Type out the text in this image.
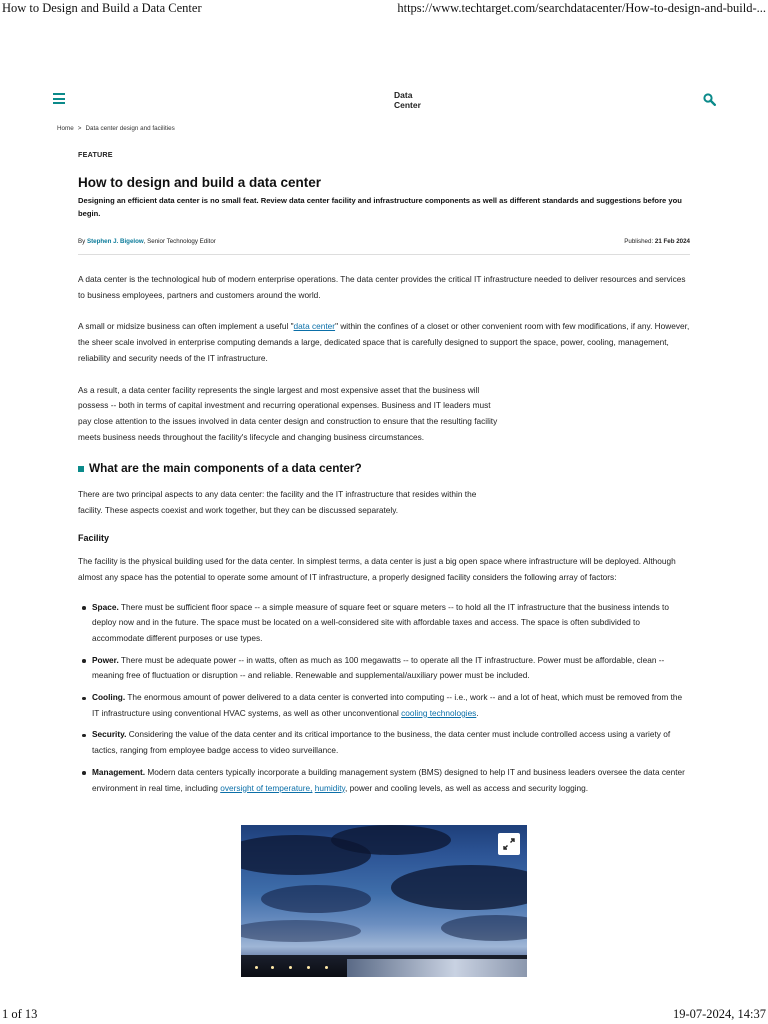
How to Design and Build a Data Center	https://www.techtarget.com/searchdatacenter/How-to-design-and-build-...
Data
Center
Home > Data center design and facilities
FEATURE
How to design and build a data center
Designing an efficient data center is no small feat. Review data center facility and infrastructure components as well as different standards and suggestions before you begin.
By Stephen J. Bigelow, Senior Technology Editor	Published: 21 Feb 2024

A data center is the technological hub of modern enterprise operations. The data center provides the critical IT infrastructure needed to deliver resources and services to business employees, partners and customers around the world.

A small or midsize business can often implement a useful "data center" within the confines of a closet or other convenient room with few modifications, if any. However, the sheer scale involved in enterprise computing demands a large, dedicated space that is carefully designed to support the space, power, cooling, management, reliability and security needs of the IT infrastructure.

As a result, a data center facility represents the single largest and most expensive asset that the business will possess -- both in terms of capital investment and recurring operational expenses. Business and IT leaders must pay close attention to the issues involved in data center design and construction to ensure that the resulting facility meets business needs throughout the facility's lifecycle and changing business circumstances.

What are the main components of a data center?

There are two principal aspects to any data center: the facility and the IT infrastructure that resides within the facility. These aspects coexist and work together, but they can be discussed separately.

Facility

The facility is the physical building used for the data center. In simplest terms, a data center is just a big open space where infrastructure will be deployed. Although almost any space has the potential to operate some amount of IT infrastructure, a properly designed facility considers the following array of factors:

Space. There must be sufficient floor space -- a simple measure of square feet or square meters -- to hold all the IT infrastructure that the business intends to deploy now and in the future. The space must be located on a well-considered site with affordable taxes and access. The space is often subdivided to accommodate different purposes or use types.
Power. There must be adequate power -- in watts, often as much as 100 megawatts -- to operate all the IT infrastructure. Power must be affordable, clean -- meaning free of fluctuation or disruption -- and reliable. Renewable and supplemental/auxiliary power must be included.
Cooling. The enormous amount of power delivered to a data center is converted into computing -- i.e., work -- and a lot of heat, which must be removed from the IT infrastructure using conventional HVAC systems, as well as other unconventional cooling technologies.
Security. Considering the value of the data center and its critical importance to the business, the data center must include controlled access using a variety of tactics, ranging from employee badge access to video surveillance.
Management. Modern data centers typically incorporate a building management system (BMS) designed to help IT and business leaders oversee the data center environment in real time, including oversight of temperature, humidity, power and cooling levels, as well as access and security logging.
1 of 13	19-07-2024, 14:37
